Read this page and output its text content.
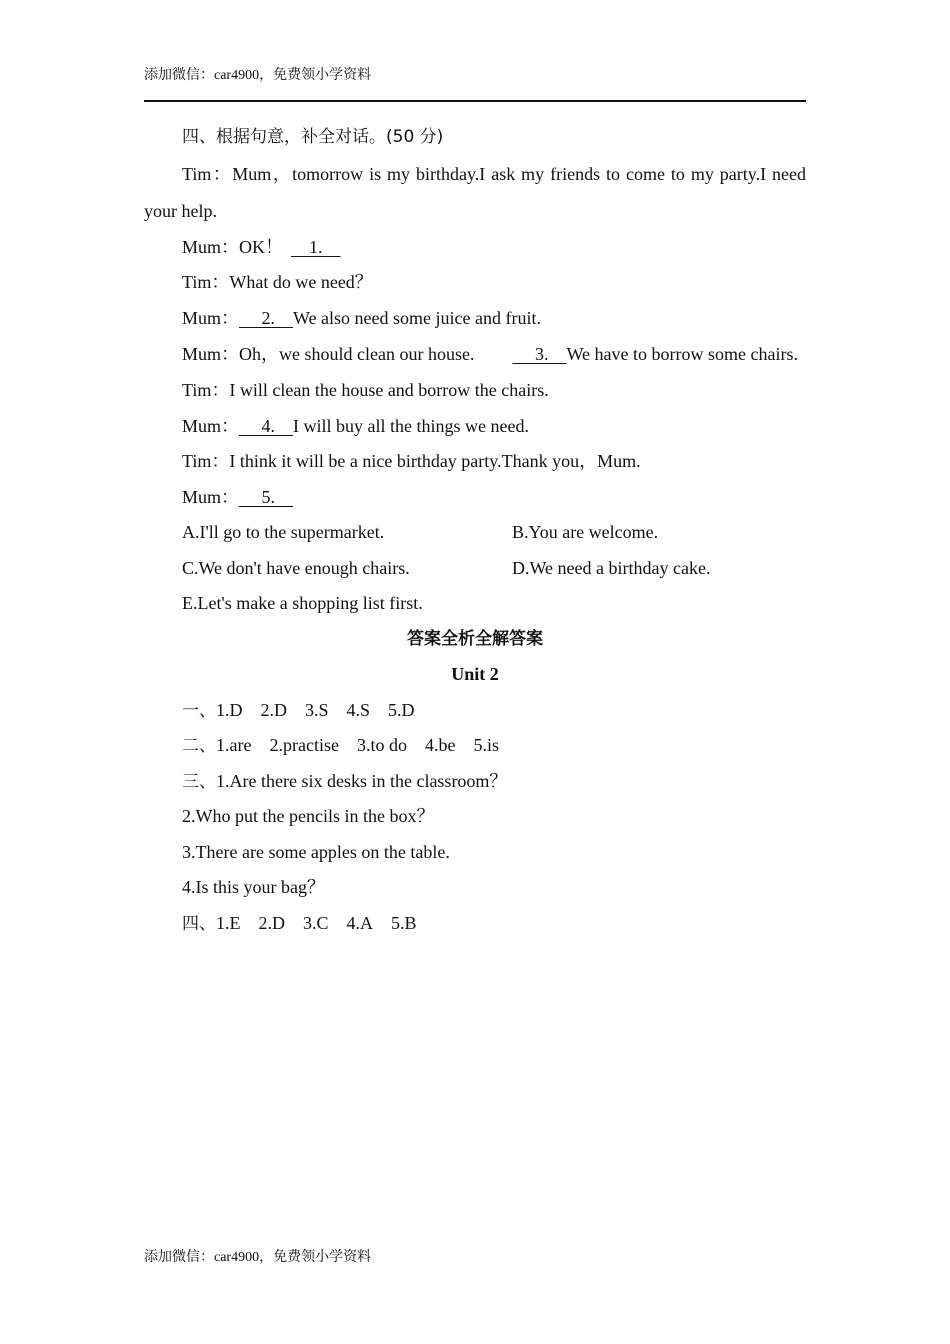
添加微信：car4900，免费领小学资料
四、根据句意，补全对话。(50 分)
Tim：Mum，tomorrow is my birthday.I ask my friends to come to my party.I need your help.
Mum：OK！ 1.
Tim：What do we need？
Mum： 2. We also need some juice and fruit.
Mum：Oh，we should clean our house.	3. We have to borrow some chairs.
Tim：I will clean the house and borrow the chairs.
Mum： 4. I will buy all the things we need.
Tim：I think it will be a nice birthday party.Thank you，Mum.
Mum： 5.
A.I'll go to the supermarket.	B.You are welcome.
C.We don't have enough chairs.	D.We need a birthday cake.
E.Let's make a shopping list first.
答案全析全解答案
Unit 2
一、1.D 2.D 3.S 4.S 5.D
二、1.are 2.practise 3.to do 4.be 5.is
三、1.Are there six desks in the classroom？
2.Who put the pencils in the box？
3.There are some apples on the table.
4.Is this your bag？
四、1.E 2.D 3.C 4.A 5.B
添加微信：car4900，免费领小学资料
